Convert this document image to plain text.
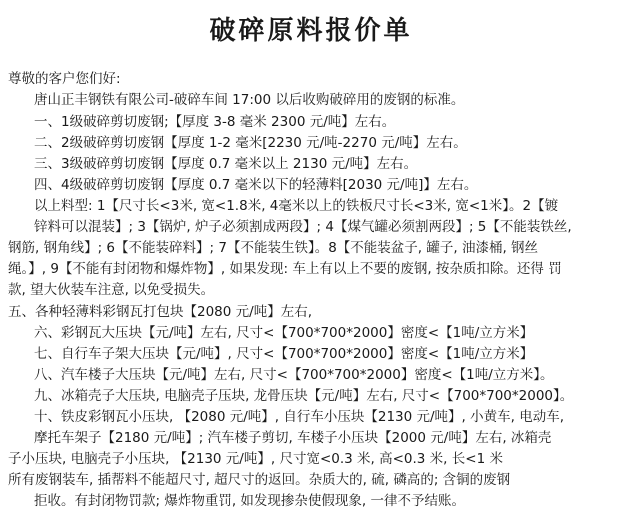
破碎原料报价单
尊敬的客户您们好:
唐山正丰钢铁有限公司-破碎车间 17:00 以后收购破碎用的废钢的标准。
一、1级破碎剪切废钢;【厚度 3-8 毫米 2300 元/吨】左右。
二、2级破碎剪切废钢【厚度 1-2 毫米[2230 元/吨-2270 元/吨】左右。
三、3级破碎剪切废钢【厚度 0.7 毫米以上 2130 元/吨】左右。
四、4级破碎剪切废钢【厚度 0.7 毫米以下的轻薄料[2030 元/吨]】左右。
以上料型: 1【尺寸长<3米, 宽<1.8米, 4毫米以上的铁板尺寸长<3米, 宽<1米】。2【镀
锌料可以混装】; 3【锅炉, 炉子必须割成两段】; 4【煤气罐必须割两段】; 5【不能装铁丝,
钢筋, 钢角线】; 6【不能装碎料】; 7【不能装生铁】。8【不能装盆子, 罐子, 油漆桶, 钢丝
绳。】, 9【不能有封闭物和爆炸物】, 如果发现: 车上有以上不要的废钢, 按杂质扣除。还得 罚
款, 望大伙装车注意, 以免受损失。
五、各种轻薄料彩钢瓦打包块【2080 元/吨】左右,
六、彩钢瓦大压块【元/吨】左右, 尺寸<【700*700*2000】密度<【1吨/立方米】
七、自行车子架大压块【元/吨】, 尺寸<【700*700*2000】密度<【1吨/立方米】
八、汽车楼子大压块【元/吨】左右, 尺寸<【700*700*2000】密度<【1吨/立方米】。
九、冰箱壳子大压块, 电脑壳子压块, 龙骨压块【元/吨】左右, 尺寸<【700*700*2000】。
十、铁皮彩钢瓦小压块, 【2080 元/吨】, 自行车小压块【2130 元/吨】, 小黄车, 电动车,
摩托车架子【2180 元/吨】; 汽车楼子剪切, 车楼子小压块【2000 元/吨】左右, 冰箱壳
子小压块, 电脑壳子小压块, 【2130 元/吨】, 尺寸宽<0.3 米, 高<0.3 米, 长<1 米
所有废钢装车, 插帮料不能超尺寸, 超尺寸的返回。杂质大的, 硫, 磷高的; 含铜的废钢
拒收。有封闭物罚款; 爆炸物重罚, 如发现掺杂使假现象, 一律不予结账。
